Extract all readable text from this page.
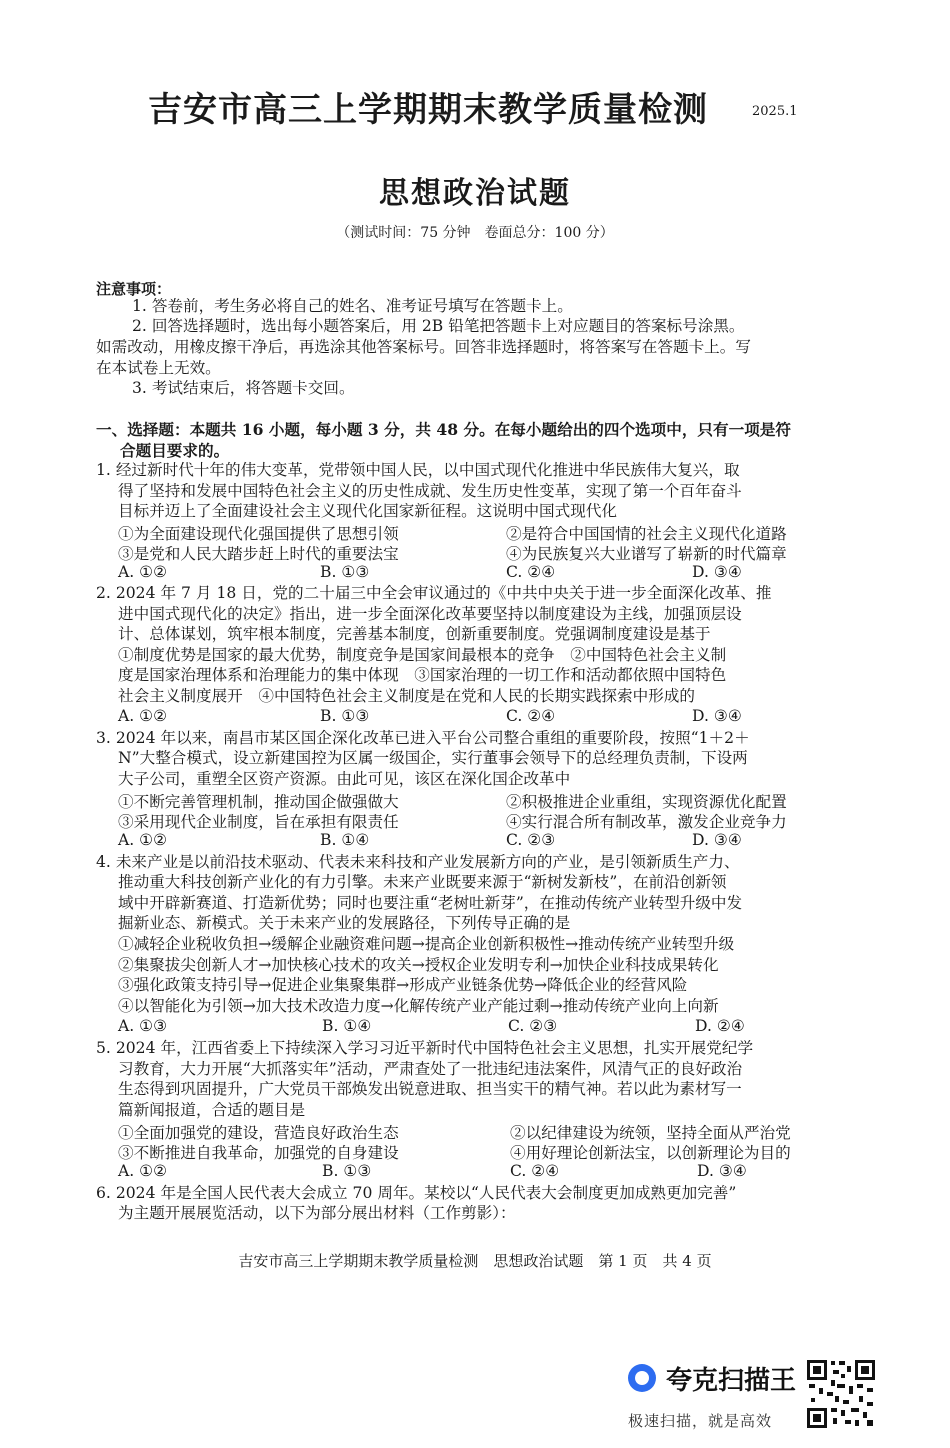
吉安市高三上学期期末教学质量检测	2025.1
思想政治试题
（测试时间：75 分钟　卷面总分：100 分）
注意事项：
1. 答卷前，考生务必将自己的姓名、准考证号填写在答题卡上。
2. 回答选择题时，选出每小题答案后，用 2B 铅笔把答题卡上对应题目的答案标号涂黑。
如需改动，用橡皮擦干净后，再选涂其他答案标号。回答非选择题时，将答案写在答题卡上。写
在本试卷上无效。
3. 考试结束后，将答题卡交回。
一、选择题：本题共 16 小题，每小题 3 分，共 48 分。在每小题给出的四个选项中，只有一项是符
合题目要求的。
1. 经过新时代十年的伟大变革，党带领中国人民，以中国式现代化推进中华民族伟大复兴，取
得了坚持和发展中国特色社会主义的历史性成就、发生历史性变革，实现了第一个百年奋斗
目标并迈上了全面建设社会主义现代化国家新征程。这说明中国式现代化
①为全面建设现代化强国提供了思想引领	②是符合中国国情的社会主义现代化道路
③是党和人民大踏步赶上时代的重要法宝	④为民族复兴大业谱写了崭新的时代篇章
A. ①②	B. ①③	C. ②④	D. ③④
2. 2024 年 7 月 18 日，党的二十届三中全会审议通过的《中共中央关于进一步全面深化改革、推
进中国式现代化的决定》指出，进一步全面深化改革要坚持以制度建设为主线，加强顶层设
计、总体谋划，筑牢根本制度，完善基本制度，创新重要制度。党强调制度建设是基于
①制度优势是国家的最大优势，制度竞争是国家间最根本的竞争　②中国特色社会主义制
度是国家治理体系和治理能力的集中体现　③国家治理的一切工作和活动都依照中国特色
社会主义制度展开　④中国特色社会主义制度是在党和人民的长期实践探索中形成的
A. ①②	B. ①③	C. ②④	D. ③④
3. 2024 年以来，南昌市某区国企深化改革已进入平台公司整合重组的重要阶段，按照“1＋2＋
N”大整合模式，设立新建国控为区属一级国企，实行董事会领导下的总经理负责制，下设两
大子公司，重塑全区资产资源。由此可见，该区在深化国企改革中
①不断完善管理机制，推动国企做强做大	②积极推进企业重组，实现资源优化配置
③采用现代企业制度，旨在承担有限责任	④实行混合所有制改革，激发企业竞争力
A. ①②	B. ①④	C. ②③	D. ③④
4. 未来产业是以前沿技术驱动、代表未来科技和产业发展新方向的产业，是引领新质生产力、
推动重大科技创新产业化的有力引擎。未来产业既要来源于“新树发新枝”，在前沿创新领
域中开辟新赛道、打造新优势；同时也要注重“老树吐新芽”，在推动传统产业转型升级中发
掘新业态、新模式。关于未来产业的发展路径，下列传导正确的是
①减轻企业税收负担→缓解企业融资难问题→提高企业创新积极性→推动传统产业转型升级
②集聚拔尖创新人才→加快核心技术的攻关→授权企业发明专利→加快企业科技成果转化
③强化政策支持引导→促进企业集聚集群→形成产业链条优势→降低企业的经营风险
④以智能化为引领→加大技术改造力度→化解传统产业产能过剩→推动传统产业向上向新
A. ①③	B. ①④	C. ②③	D. ②④
5. 2024 年，江西省委上下持续深入学习习近平新时代中国特色社会主义思想，扎实开展党纪学
习教育，大力开展“大抓落实年”活动，严肃查处了一批违纪违法案件，风清气正的良好政治
生态得到巩固提升，广大党员干部焕发出锐意进取、担当实干的精气神。若以此为素材写一
篇新闻报道，合适的题目是
①全面加强党的建设，营造良好政治生态	②以纪律建设为统领，坚持全面从严治党
③不断推进自我革命，加强党的自身建设	④用好理论创新法宝，以创新理论为目的
A. ①②	B. ①③	C. ②④	D. ③④
6. 2024 年是全国人民代表大会成立 70 周年。某校以“人民代表大会制度更加成熟更加完善”
为主题开展展览活动，以下为部分展出材料（工作剪影）：
吉安市高三上学期期末教学质量检测　思想政治试题　第 1 页　共 4 页
夸克扫描王
极速扫描，就是高效
